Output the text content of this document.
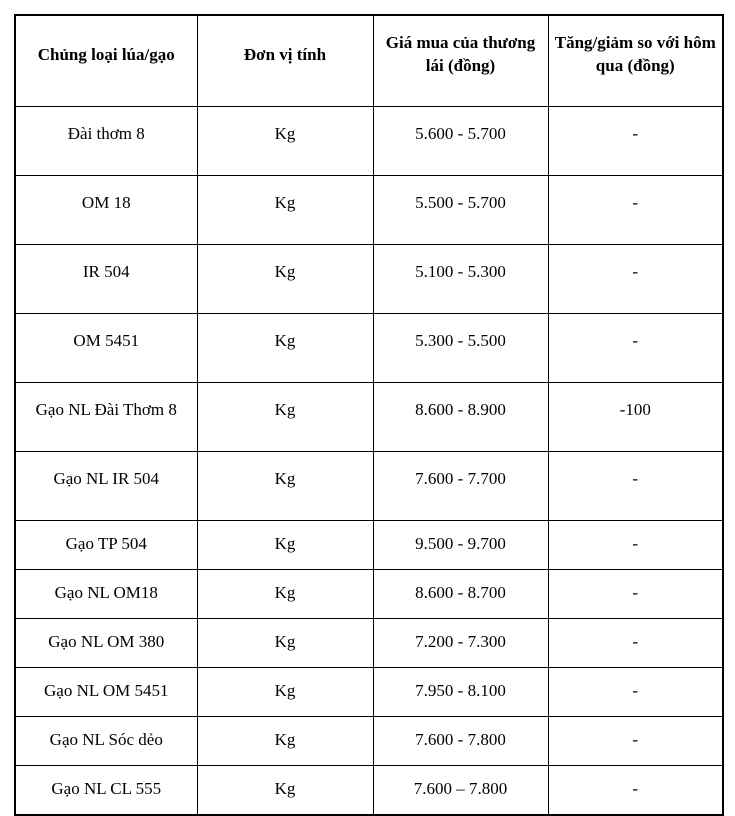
Chủng loại lúa/gạo	Đơn vị tính	Giá mua của thương lái (đồng)	Tăng/giảm so với hôm qua (đồng)
Đài thơm 8	Kg	5.600 - 5.700	-
OM 18	Kg	5.500 - 5.700	-
IR 504	Kg	5.100 - 5.300	-
OM 5451	Kg	5.300 - 5.500	-
Gạo NL Đài Thơm 8	Kg	8.600 - 8.900	-100
Gạo NL IR 504	Kg	7.600 - 7.700	-
Gạo TP 504	Kg	9.500 - 9.700	-
Gạo NL OM18	Kg	8.600 - 8.700	-
Gạo NL OM 380	Kg	7.200 - 7.300	-
Gạo NL OM 5451	Kg	7.950 - 8.100	-
Gạo NL Sóc dẻo	Kg	7.600 - 7.800	-
Gạo NL CL 555	Kg	7.600 – 7.800	-
